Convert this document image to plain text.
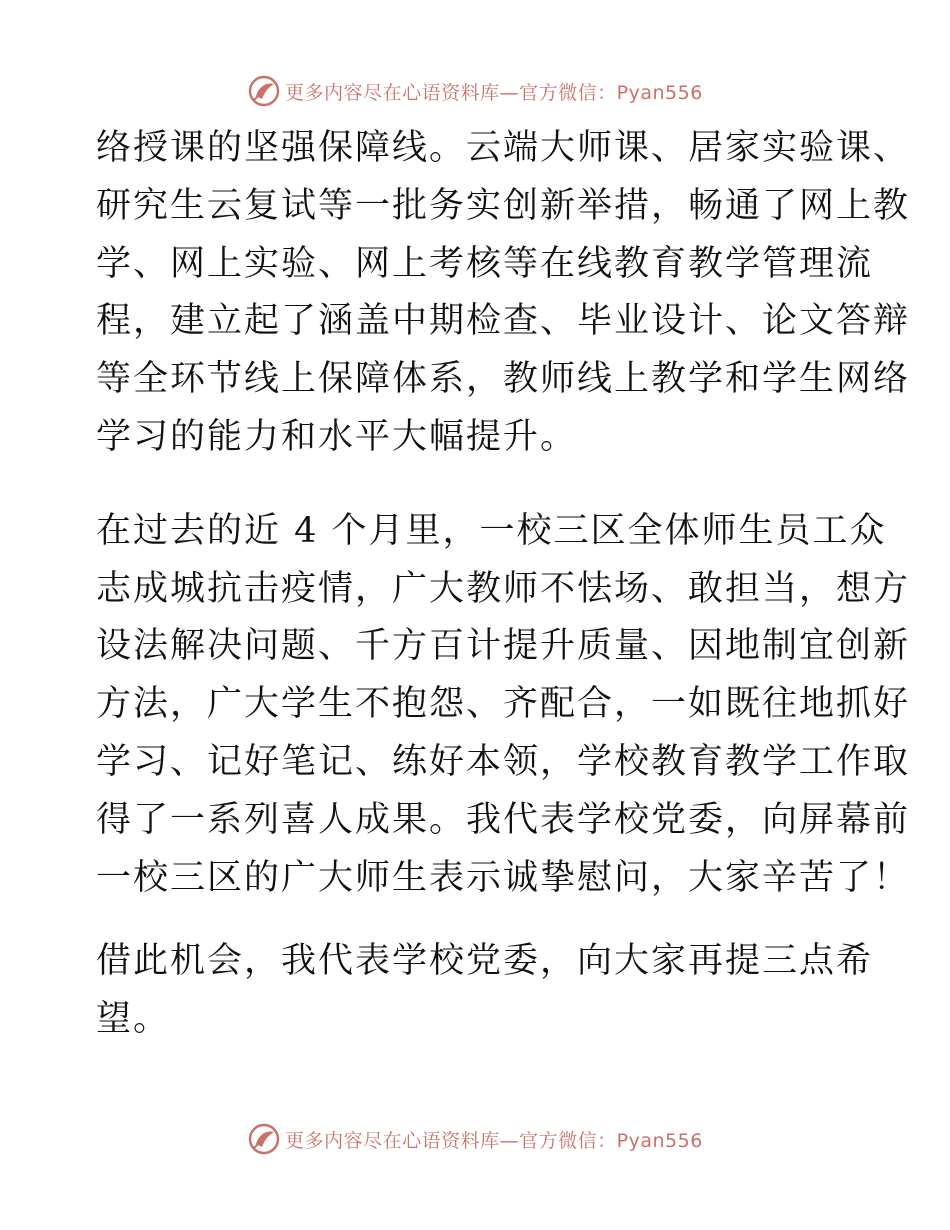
更多内容尽在心语资料库—官方微信：Pyan556

络授课的坚强保障线。云端大师课、居家实验课、
研究生云复试等一批务实创新举措，畅通了网上教
学、网上实验、网上考核等在线教育教学管理流
程，建立起了涵盖中期检查、毕业设计、论文答辩
等全环节线上保障体系，教师线上教学和学生网络
学习的能力和水平大幅提升。

在过去的近 4 个月里，一校三区全体师生员工众
志成城抗击疫情，广大教师不怯场、敢担当，想方
设法解决问题、千方百计提升质量、因地制宜创新
方法，广大学生不抱怨、齐配合，一如既往地抓好
学习、记好笔记、练好本领，学校教育教学工作取
得了一系列喜人成果。我代表学校党委，向屏幕前
一校三区的广大师生表示诚挚慰问，大家辛苦了！

借此机会，我代表学校党委，向大家再提三点希
望。

更多内容尽在心语资料库—官方微信：Pyan556
